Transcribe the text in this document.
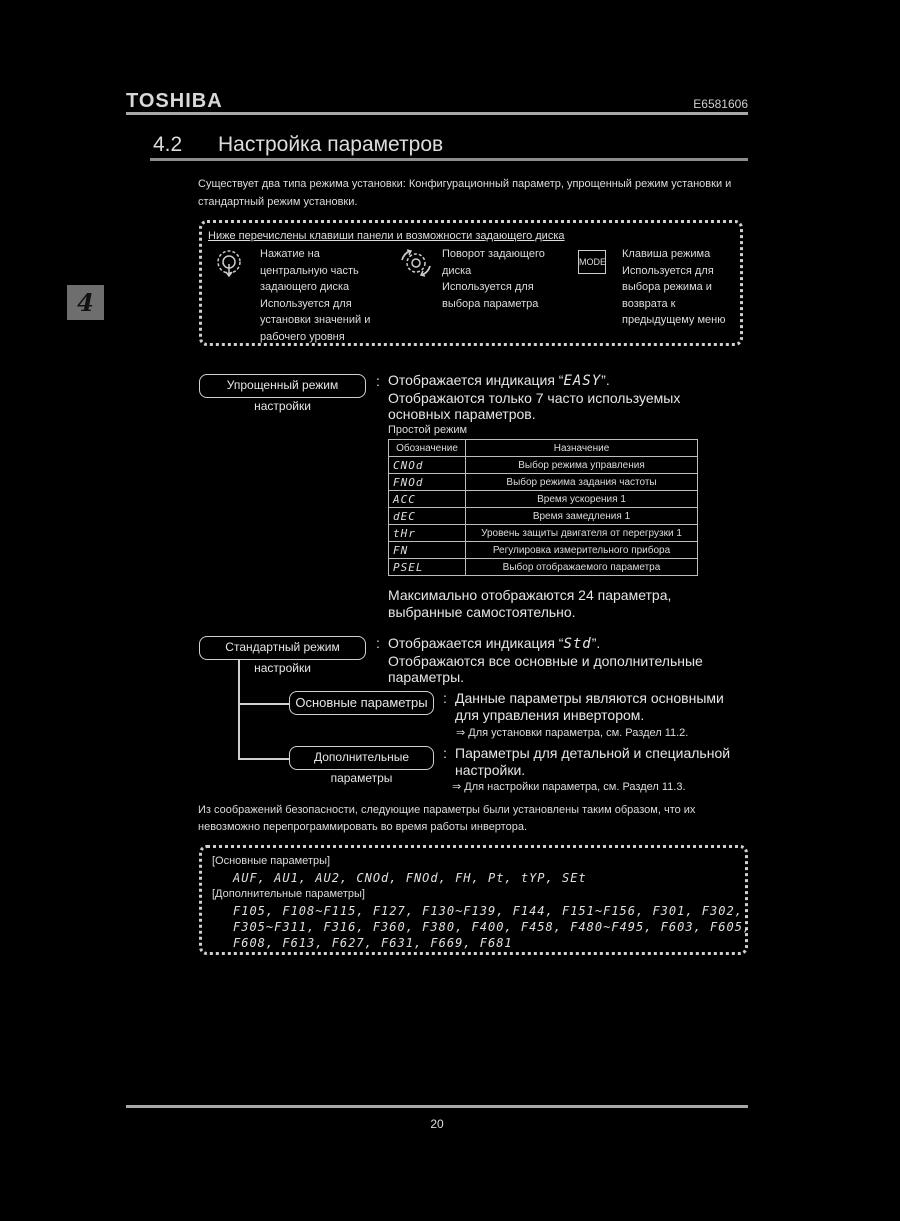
TOSHIBA	E6581606
4.2 Настройка параметров
4
Существует два типа режима установки: Конфигурационный параметр, упрощенный режим установки и стандартный режим установки.
Ниже перечислены клавиши панели и возможности задающего диска
Нажатие на
центральную часть
задающего диска
Используется для
установки значений и
рабочего уровня
Поворот задающего
диска
Используется для
выбора параметра
MODE
Клавиша режима
Используется для
выбора режима и
возврата к
предыдущему меню
Упрощенный режим настройки
: Отображается индикация “EASY”.
Отображаются только 7 часто используемых
основных параметров.
Простой режим
Обозначение	Назначение
CNOd	Выбор режима управления
FNOd	Выбор режима задания частоты
ACC	Время ускорения 1
dEC	Время замедления 1
tHr	Уровень защиты двигателя от перегрузки 1
FN	Регулировка измерительного прибора
PSEL	Выбор отображаемого параметра
Максимально отображаются 24 параметра,
выбранные самостоятельно.
Стандартный режим настройки
: Отображается индикация “Std”.
Отображаются все основные и дополнительные
параметры.
Основные параметры	: Данные параметры являются основными
для управления инвертором.
⇒ Для установки параметра, см. Раздел 11.2.
Дополнительные параметры
: Параметры для детальной и специальной
настройки.
⇒ Для настройки параметра, см. Раздел 11.3.
Из соображений безопасности, следующие параметры были установлены таким образом, что их
невозможно перепрограммировать во время работы инвертора.
[Основные параметры]
AUF, AU1, AU2, CNOd, FNOd, FH, Pt, tYP, SEt
[Дополнительные параметры]
F105, F108~F115, F127, F130~F139, F144, F151~F156, F301, F302,
F305~F311, F316, F360, F380, F400, F458, F480~F495, F603, F605,
F608, F613, F627, F631, F669, F681
20
